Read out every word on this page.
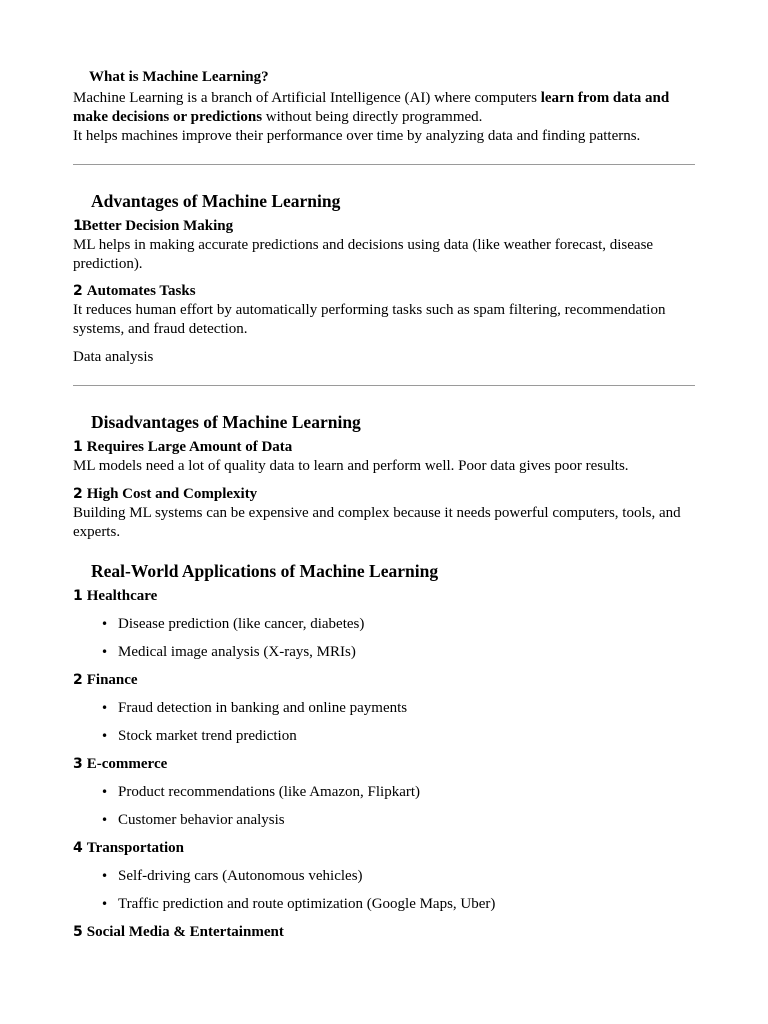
What is Machine Learning?

Machine Learning is a branch of Artificial Intelligence (AI) where computers learn from data and make decisions or predictions without being directly programmed.

It helps machines improve their performance over time by analyzing data and finding patterns.

Advantages of Machine Learning
1Better Decision Making

ML helps in making accurate predictions and decisions using data (like weather forecast, disease prediction).

2 Automates Tasks

It reduces human effort by automatically performing tasks such as spam filtering, recommendation systems, and fraud detection.

Data analysis

Disadvantages of Machine Learning
1 Requires Large Amount of Data

ML models need a lot of quality data to learn and perform well. Poor data gives poor results.

2 High Cost and Complexity

Building ML systems can be expensive and complex because it needs powerful computers, tools, and experts.

Real-World Applications of Machine Learning
1 Healthcare
• Disease prediction (like cancer, diabetes)
• Medical image analysis (X-rays, MRIs)
2 Finance
• Fraud detection in banking and online payments
• Stock market trend prediction
3 E-commerce
• Product recommendations (like Amazon, Flipkart)
• Customer behavior analysis
4 Transportation
• Self-driving cars (Autonomous vehicles)
• Traffic prediction and route optimization (Google Maps, Uber)
5 Social Media & Entertainment
